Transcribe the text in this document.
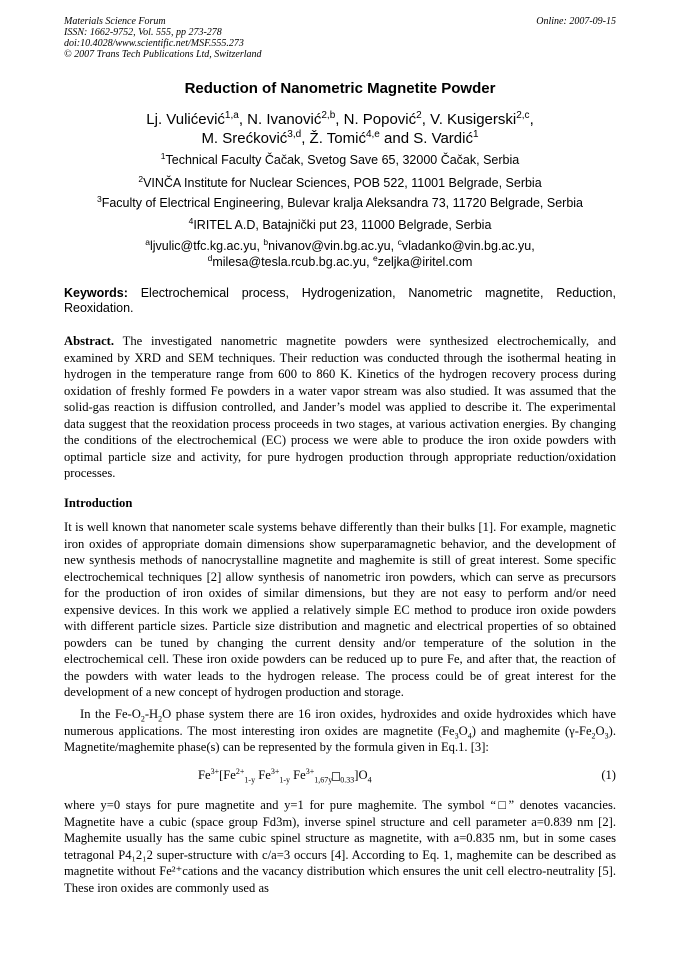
Materials Science Forum
ISSN: 1662-9752, Vol. 555, pp 273-278
doi:10.4028/www.scientific.net/MSF.555.273
© 2007 Trans Tech Publications Ltd, Switzerland
Online: 2007-09-15
Reduction of Nanometric Magnetite Powder
Lj. Vulićević$^{1,a}$, N. Ivanović$^{2,b}$, N. Popović$^2$, V. Kusigerski$^{2,c}$,
M. Srećković$^{3,d}$, Ž. Tomić$^{4,e}$ and S. Vardić$^1$
$^1$Technical Faculty Čačak, Svetog Save 65, 32000 Čačak, Serbia
$^2$VINČA Institute for Nuclear Sciences, POB 522, 11001 Belgrade, Serbia
$^3$Faculty of Electrical Engineering, Bulevar kralja Aleksandra 73, 11720 Belgrade, Serbia
$^4$IRITEL A.D, Batajnički put 23, 11000 Belgrade, Serbia
$^a$ljvulic@tfc.kg.ac.yu, $^b$nivanov@vin.bg.ac.yu, $^c$vladanko@vin.bg.ac.yu,
$^d$milesa@tesla.rcub.bg.ac.yu, $^e$zeljka@iritel.com
Keywords: Electrochemical process, Hydrogenization, Nanometric magnetite, Reduction, Reoxidation.
Abstract. The investigated nanometric magnetite powders were synthesized electrochemically, and examined by XRD and SEM techniques. Their reduction was conducted through the isothermal heating in hydrogen in the temperature range from 600 to 860 K. Kinetics of the hydrogen recovery process during oxidation of freshly formed Fe powders in a water vapor stream was also studied. It was assumed that the solid-gas reaction is diffusion controlled, and Jander’s model was applied to describe it. The experimental data suggest that the reoxidation process proceeds in two stages, at various activation energies. By changing the conditions of the electrochemical (EC) process we were able to produce the iron oxide powders with optimal particle size and activity, for pure hydrogen production through appropriate reduction/oxidation processes.
Introduction
It is well known that nanometer scale systems behave differently than their bulks [1]. For example, magnetic iron oxides of appropriate domain dimensions show superparamagnetic behavior, and the development of new synthesis methods of nanocrystalline magnetite and maghemite is still of great interest. Some specific electrochemical techniques [2] allow synthesis of nanometric iron powders, which can serve as precursors for the production of iron oxides of similar dimensions, but they are not easy to perform and/or need expensive devices. In this work we applied a relatively simple EC method to produce iron oxide powders with different particle sizes. Particle size distribution and magnetic and electrical properties of so obtained powders can be tuned by changing the current density and/or temperature of the solution in the electrochemical cell. These iron oxide powders can be reduced up to pure Fe, and after that, the reaction of the powders with water leads to the hydrogen release. The process could be of great interest for the development of a new concept of hydrogen production and storage.
In the $Fe-O_2-H_2O$ phase system there are 16 iron oxides, hydroxides and oxide hydroxides which have numerous applications. The most interesting iron oxides are magnetite $(Fe_3O_4)$ and maghemite $(\gamma-Fe_2O_3)$. Magnetite/maghemite phase(s) can be represented by the formula given in Eq.1. [3]:
$Fe^{3+}[Fe^{2+}_{1-y}$ $Fe^{3+}_{1-y}$ $Fe^{3+}_{1,67y}$ $_{0.33}]O_4$	(1)
where y=0 stays for pure magnetite and y=1 for pure maghemite. The symbol “□” denotes vacancies. Magnetite have a cubic (space group Fd3m), inverse spinel structure and cell parameter a=0.839 nm [2]. Maghemite usually has the same cubic spinel structure as magnetite, with a=0.835 nm, but in some cases tetragonal P4₁2₁2 super-structure with c/a=3 occurs [4]. According to Eq. 1, maghemite can be described as magnetite without Fe²⁺cations and the vacancy distribution which ensures the unit cell electro-neutrality [5]. These iron oxides are commonly used as
